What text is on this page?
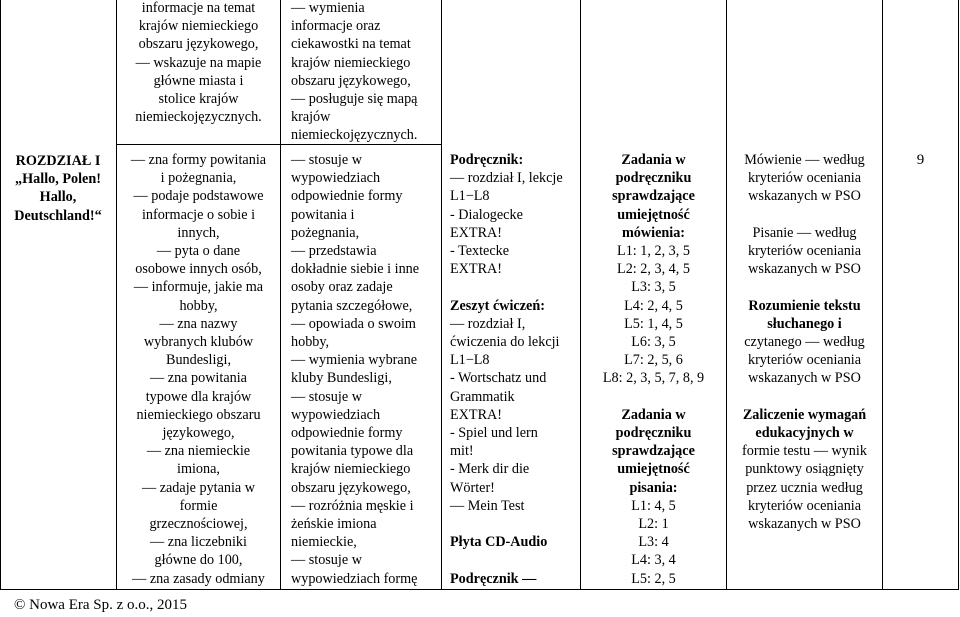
ROZDZIAŁ I
„Hallo, Polen!
Hallo,
Deutschland!“
informacje na temat
krajów niemieckiego
obszaru językowego,
— wskazuje na mapie
główne miasta i
stolice krajów
niemieckojęzycznych.
— zna formy powitania
i pożegnania,
— podaje podstawowe
informacje o sobie i
innych,
— pyta o dane
osobowe innych osób,
— informuje, jakie ma
hobby,
— zna nazwy
wybranych klubów
Bundesligi,
— zna powitania
typowe dla krajów
niemieckiego obszaru
językowego,
— zna niemieckie
imiona,
— zadaje pytania w
formie
grzecznościowej,
— zna liczebniki
główne do 100,
— zna zasady odmiany
— wymienia
informacje oraz
ciekawostki na temat
krajów niemieckiego
obszaru językowego,
— posługuje się mapą
krajów
niemieckojęzycznych.
— stosuje w
wypowiedziach
odpowiednie formy
powitania i
pożegnania,
— przedstawia
dokładnie siebie i inne
osoby oraz zadaje
pytania szczegółowe,
— opowiada o swoim
hobby,
— wymienia wybrane
kluby Bundesligi,
— stosuje w
wypowiedziach
odpowiednie formy
powitania typowe dla
krajów niemieckiego
obszaru językowego,
— rozróżnia męskie i
żeńskie imiona
niemieckie,
— stosuje w
wypowiedziach formę
Podręcznik:
— rozdział I, lekcje
L1−L8
- Dialogecke
EXTRA!
- Textecke
EXTRA!

Zeszyt ćwiczeń:
— rozdział I,
ćwiczenia do lekcji
L1−L8
- Wortschatz und
Grammatik
EXTRA!
- Spiel und lern
mit!
- Merk dir die
Wörter!
— Mein Test

Płyta CD-Audio

Podręcznik —
Zadania w
podręczniku
sprawdzające
umiejętność
mówienia:
L1: 1, 2, 3, 5
L2: 2, 3, 4, 5
L3: 3, 5
L4: 2, 4, 5
L5: 1, 4, 5
L6: 3, 5
L7: 2, 5, 6
L8: 2, 3, 5, 7, 8, 9

Zadania w
podręczniku
sprawdzające
umiejętność
pisania:
L1: 4, 5
L2: 1
L3: 4
L4: 3, 4
L5: 2, 5
Mówienie — według
kryteriów oceniania
wskazanych w PSO

Pisanie — według
kryteriów oceniania
wskazanych w PSO

Rozumienie tekstu
słuchanego i
czytanego — według
kryteriów oceniania
wskazanych w PSO

Zaliczenie wymagań
edukacyjnych w
formie testu — wynik
punktowy osiągnięty
przez ucznia według
kryteriów oceniania
wskazanych w PSO
9
© Nowa Era Sp. z o.o., 2015
